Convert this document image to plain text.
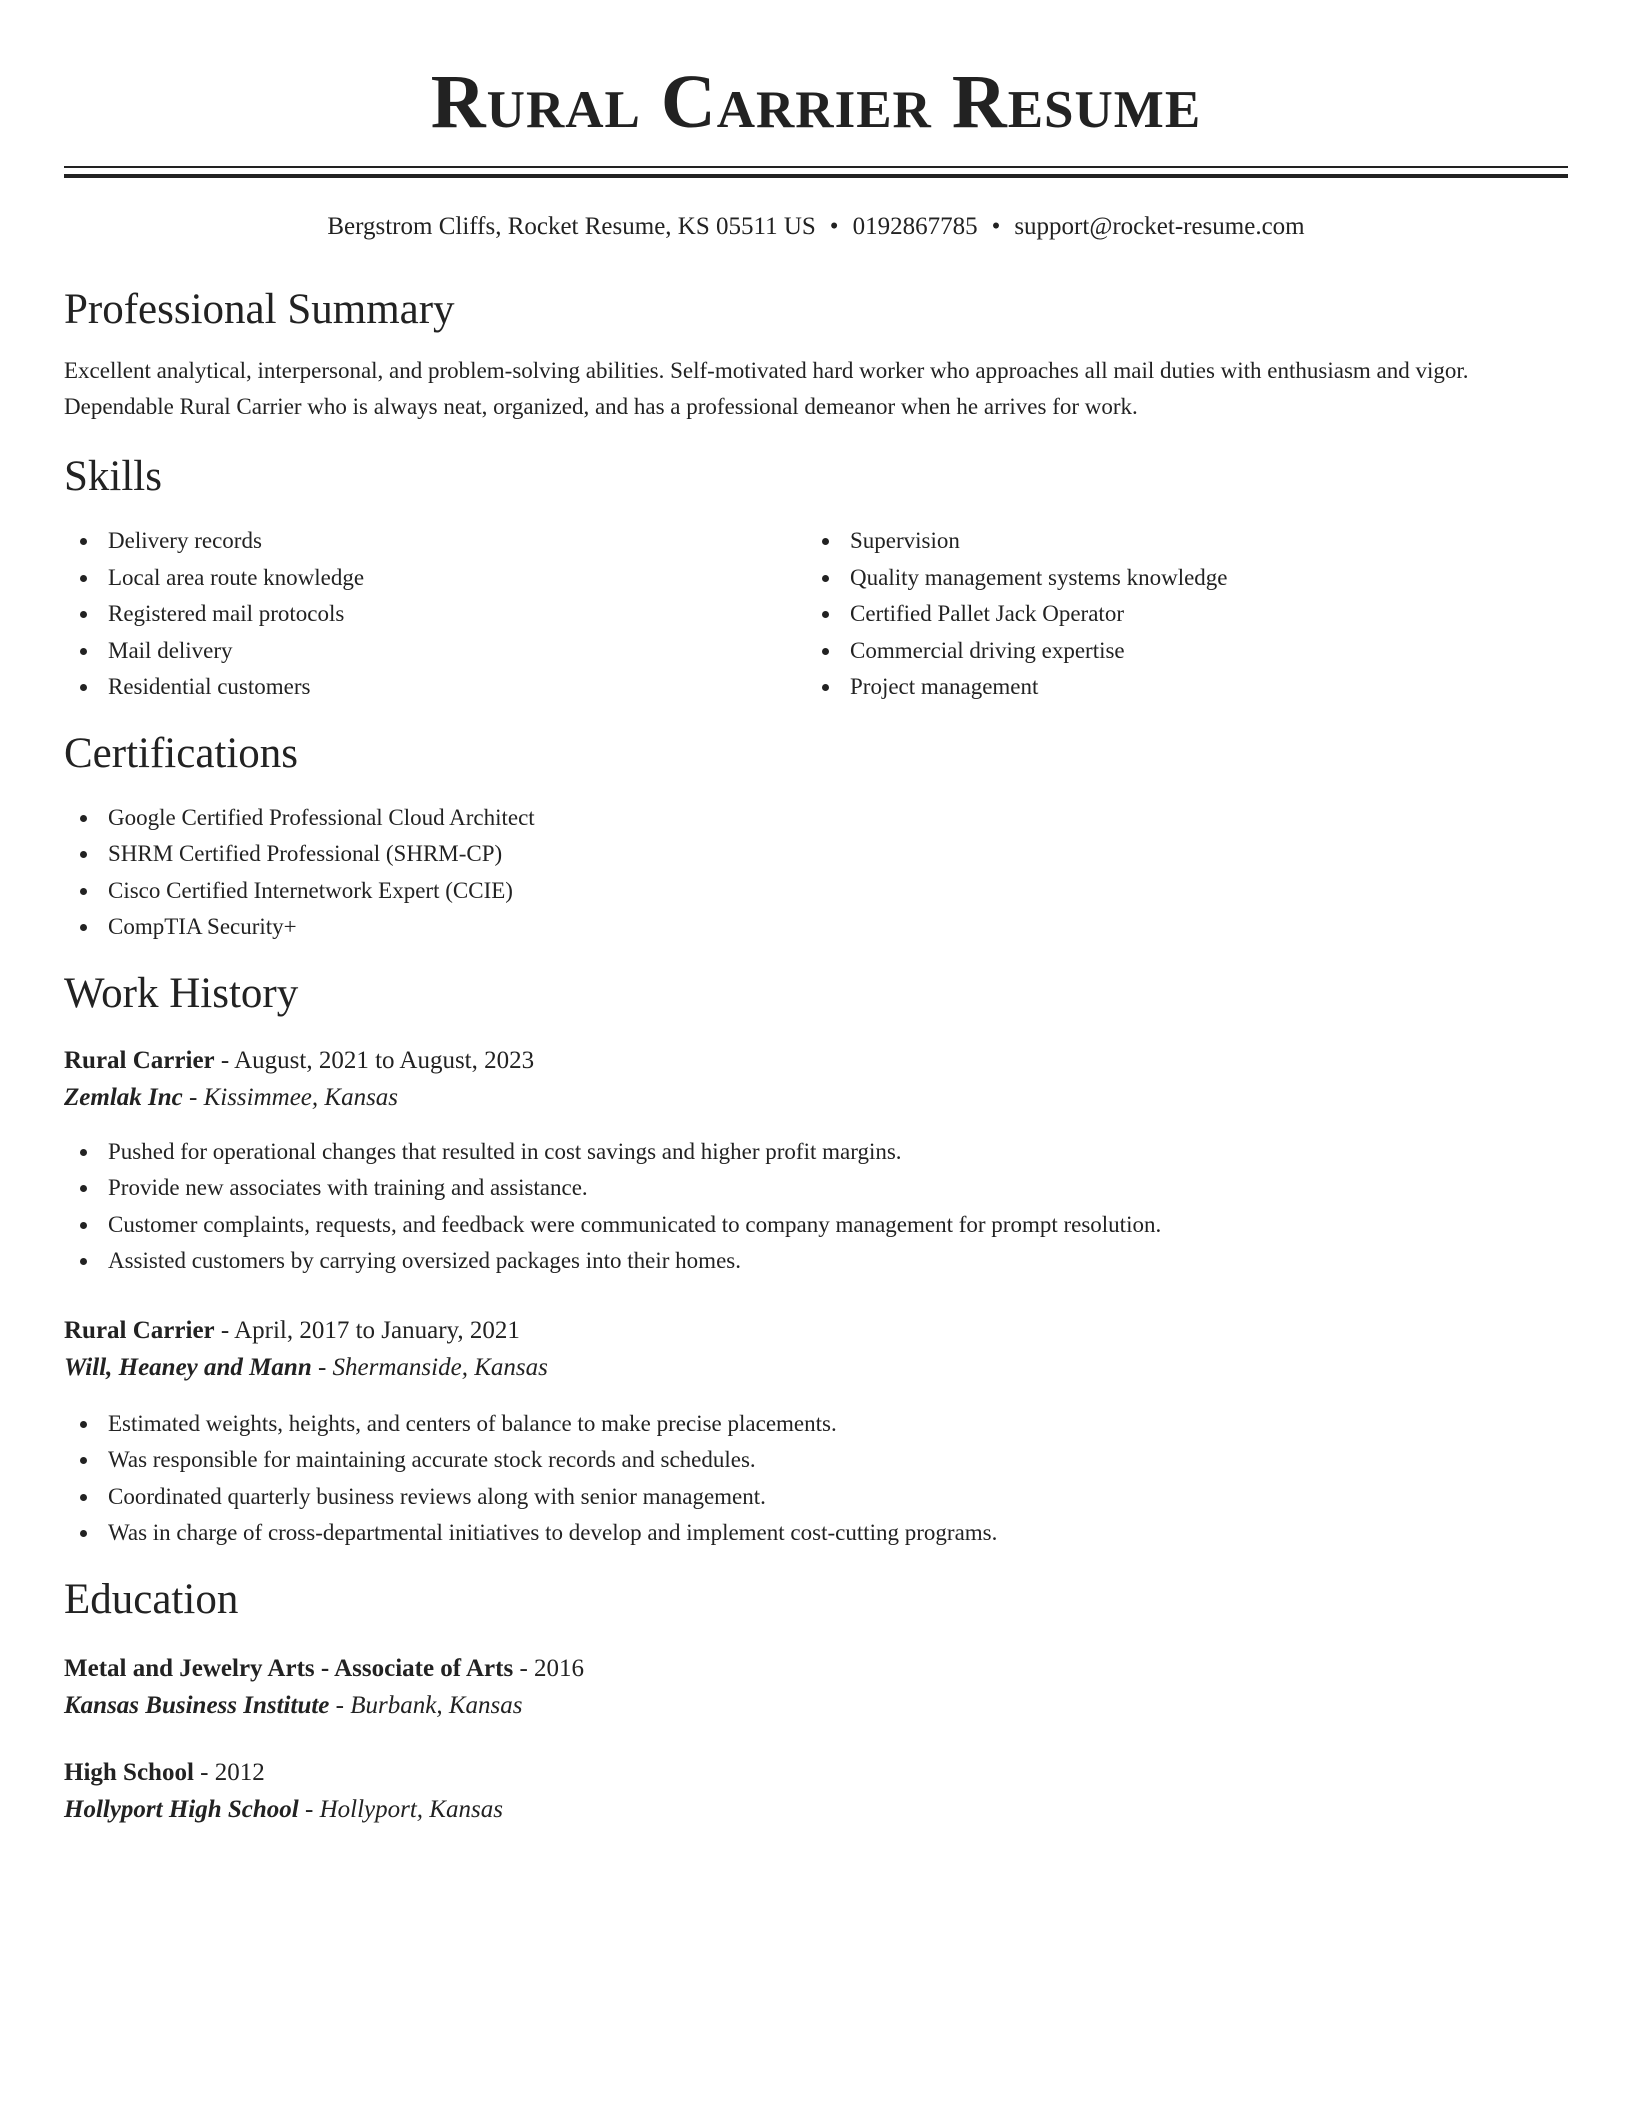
Rural Carrier Resume
Bergstrom Cliffs, Rocket Resume, KS 05511 US • 0192867785 • support@rocket-resume.com
Professional Summary
Excellent analytical, interpersonal, and problem-solving abilities. Self-motivated hard worker who approaches all mail duties with enthusiasm and vigor. Dependable Rural Carrier who is always neat, organized, and has a professional demeanor when he arrives for work.
Skills
Delivery records
Local area route knowledge
Registered mail protocols
Mail delivery
Residential customers
Supervision
Quality management systems knowledge
Certified Pallet Jack Operator
Commercial driving expertise
Project management
Certifications
Google Certified Professional Cloud Architect
SHRM Certified Professional (SHRM-CP)
Cisco Certified Internetwork Expert (CCIE)
CompTIA Security+
Work History
Rural Carrier - August, 2021 to August, 2023
Zemlak Inc - Kissimmee, Kansas
Pushed for operational changes that resulted in cost savings and higher profit margins.
Provide new associates with training and assistance.
Customer complaints, requests, and feedback were communicated to company management for prompt resolution.
Assisted customers by carrying oversized packages into their homes.
Rural Carrier - April, 2017 to January, 2021
Will, Heaney and Mann - Shermanside, Kansas
Estimated weights, heights, and centers of balance to make precise placements.
Was responsible for maintaining accurate stock records and schedules.
Coordinated quarterly business reviews along with senior management.
Was in charge of cross-departmental initiatives to develop and implement cost-cutting programs.
Education
Metal and Jewelry Arts - Associate of Arts - 2016
Kansas Business Institute - Burbank, Kansas
High School - 2012
Hollyport High School - Hollyport, Kansas
